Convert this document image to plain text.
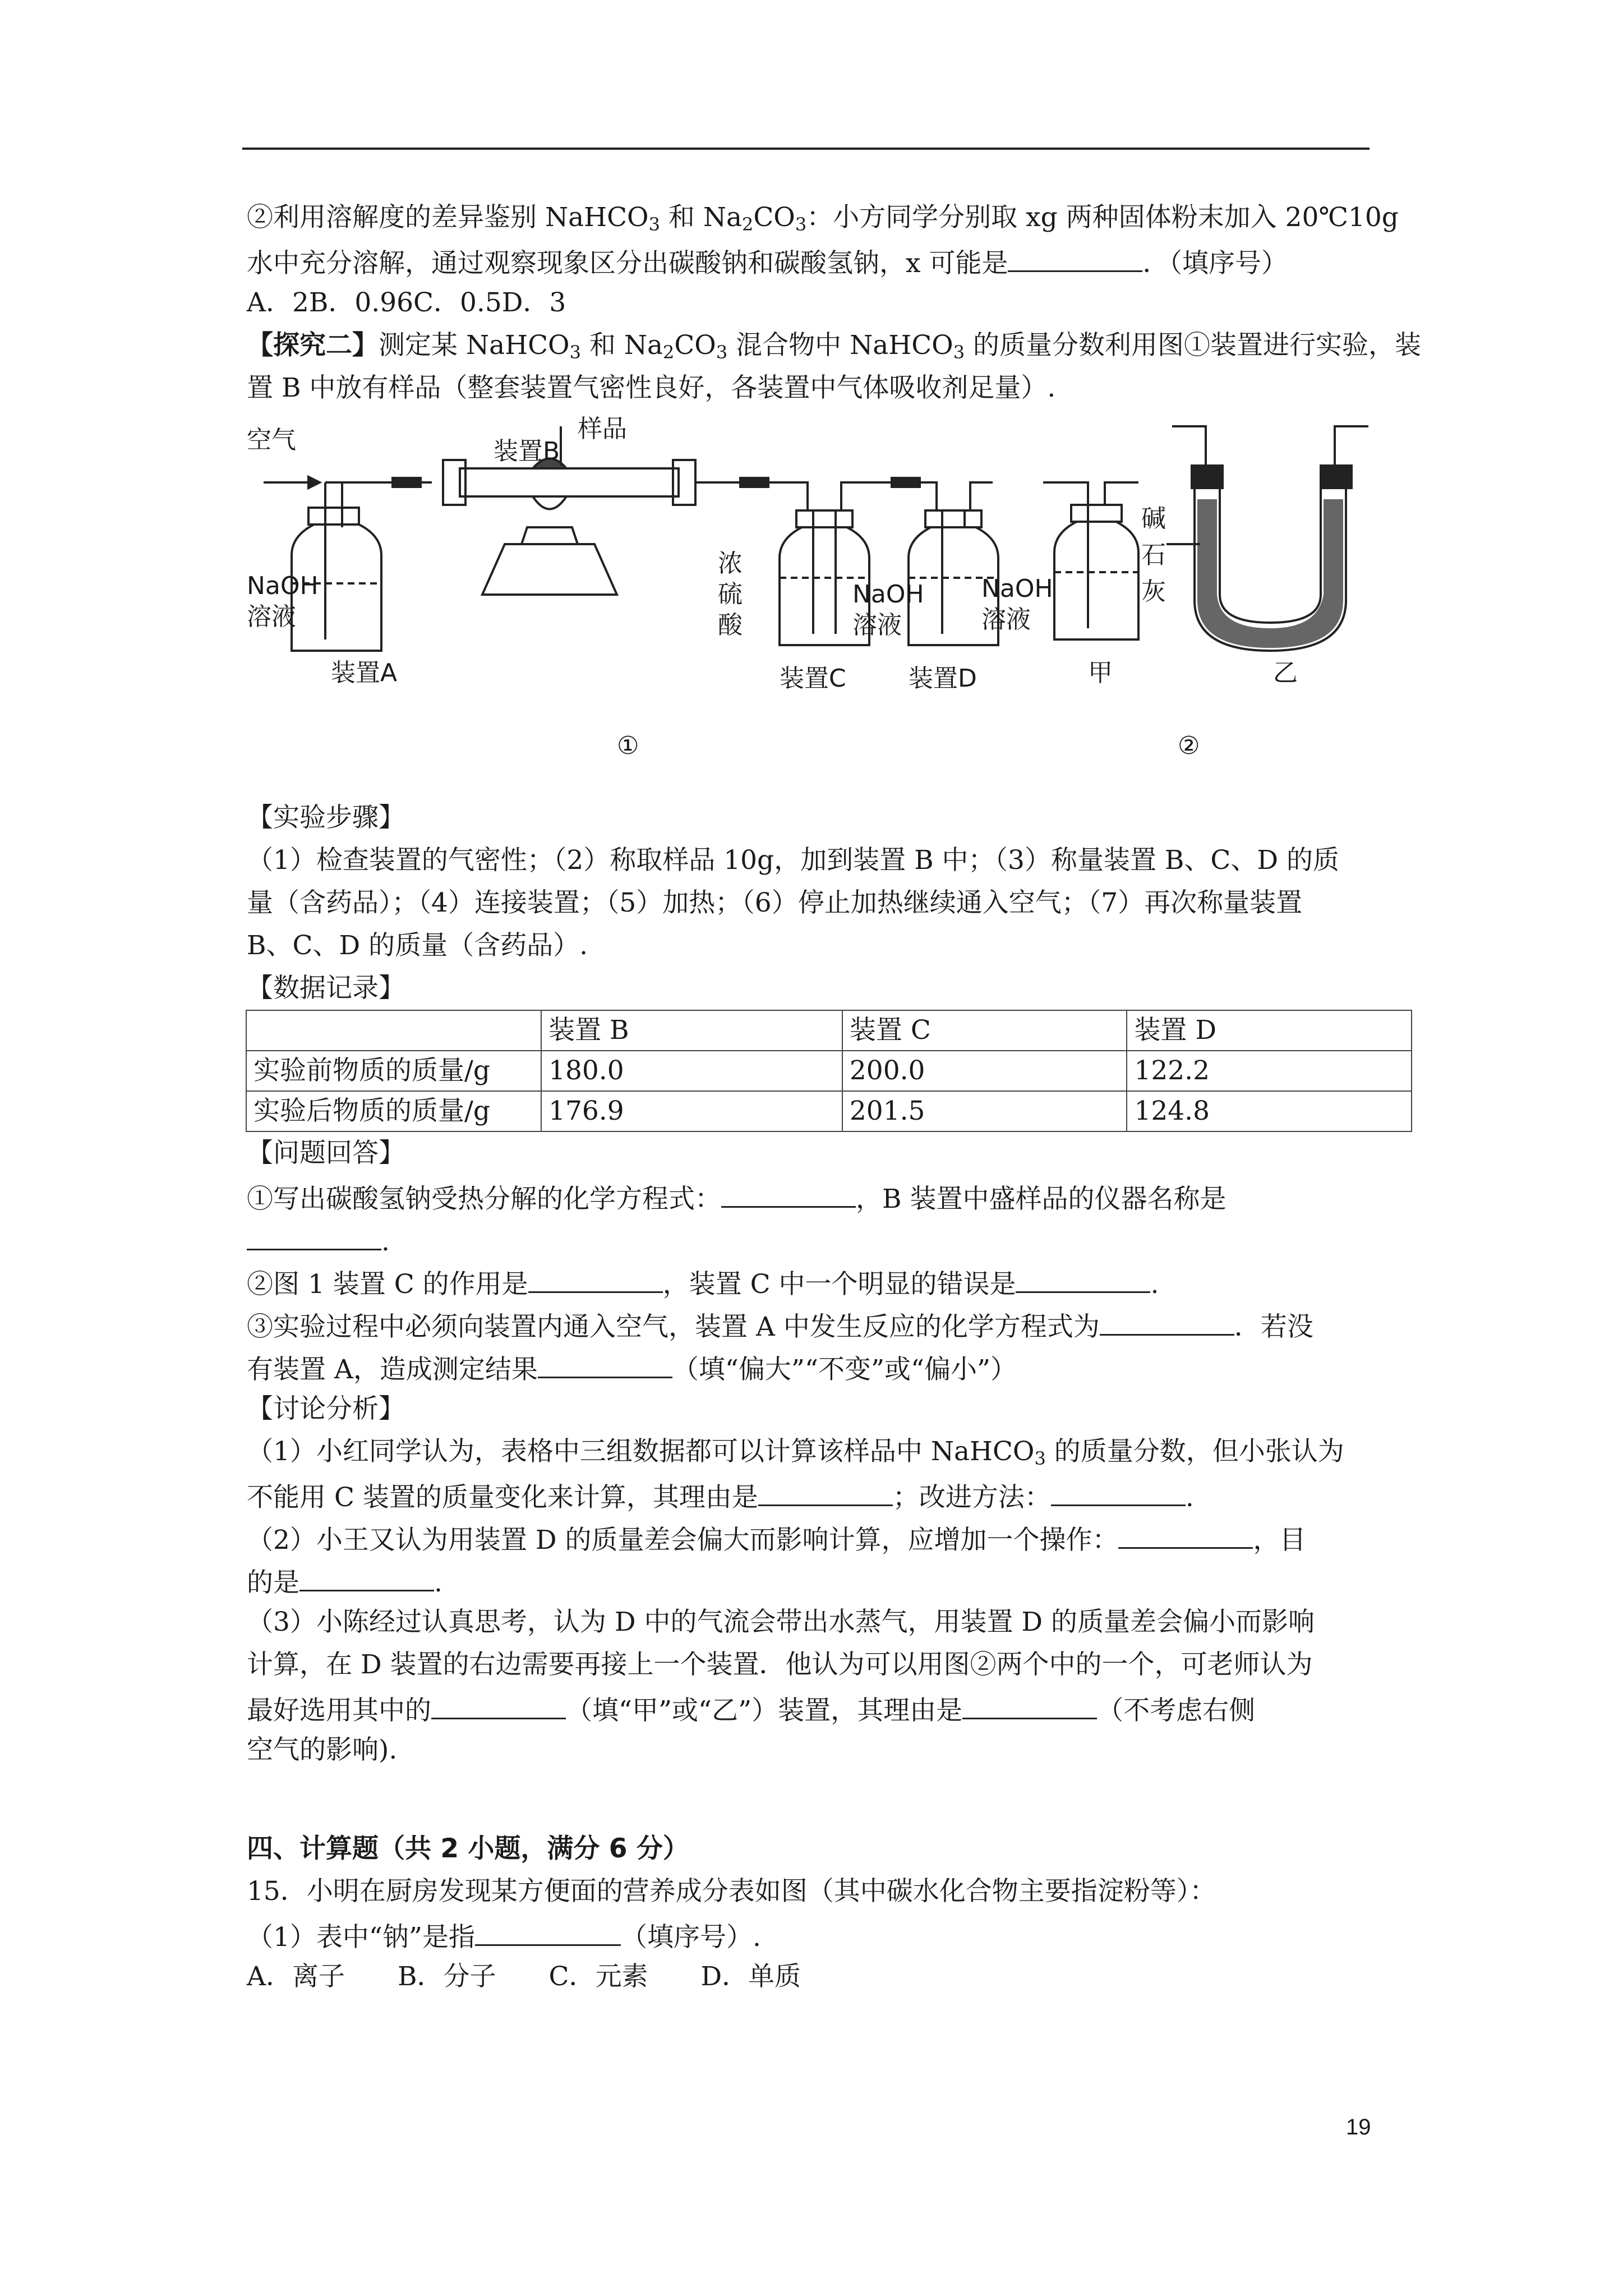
②利用溶解度的差异鉴别 NaHCO$_3$ 和 $Na_2CO_3$：小方同学分别取 xg 两种固体粉末加入 20℃10g
水中充分溶解，通过观察现象区分出碳酸钠和碳酸氢钠，x 可能是	．（填序号）
A．2B．0.96C．0.5D．3
【探究二】测定某 NaHCO$_3$ 和 $Na_2CO_3$ 混合物中 NaHCO$_3$ 的质量分数利用图①装置进行实验，装
置 B 中放有样品（整套装置气密性良好，各装置中气体吸收剂足量）.
空气	样品
装置B
NaOH
溶液
装置A
浓
硫
酸
NaOH
溶液
装置C	装置D
NaOH
溶液
甲
碱
石
灰
乙
①	②
【实验步骤】
（1）检查装置的气密性；（2）称取样品 10g，加到装置 B 中；（3）称量装置 B、C、D 的质
量（含药品）；（4）连接装置；（5）加热；（6）停止加热继续通入空气；（7）再次称量装置
B、C、D 的质量（含药品）.
【数据记录】
	装置 B	装置 C	装置 D
实验前物质的质量/g	180.0	200.0	122.2
实验后物质的质量/g	176.9	201.5	124.8
【问题回答】
①写出碳酸氢钠受热分解的化学方程式：	，B 装置中盛样品的仪器名称是
.
②图 1 装置 C 的作用是	，装置 C 中一个明显的错误是	.
③实验过程中必须向装置内通入空气，装置 A 中发生反应的化学方程式为	．若没
有装置 A，造成测定结果	（填“偏大”“不变”或“偏小”）
【讨论分析】
（1）小红同学认为，表格中三组数据都可以计算该样品中 NaHCO$_3$ 的质量分数，但小张认为
不能用 C 装置的质量变化来计算，其理由是	；改进方法：	.
（2）小王又认为用装置 D 的质量差会偏大而影响计算，应增加一个操作：	，目
的是	.
（3）小陈经过认真思考，认为 D 中的气流会带出水蒸气，用装置 D 的质量差会偏小而影响
计算，在 D 装置的右边需要再接上一个装置．他认为可以用图②两个中的一个，可老师认为
最好选用其中的	（填“甲”或“乙”）装置，其理由是	（不考虑右侧
空气的影响).
四、计算题（共 2 小题，满分 6 分）
15．小明在厨房发现某方便面的营养成分表如图（其中碳水化合物主要指淀粉等）：
（1）表中“钠”是指	（填序号）.
A．离子　　B．分子　　C．元素　　D．单质
19
